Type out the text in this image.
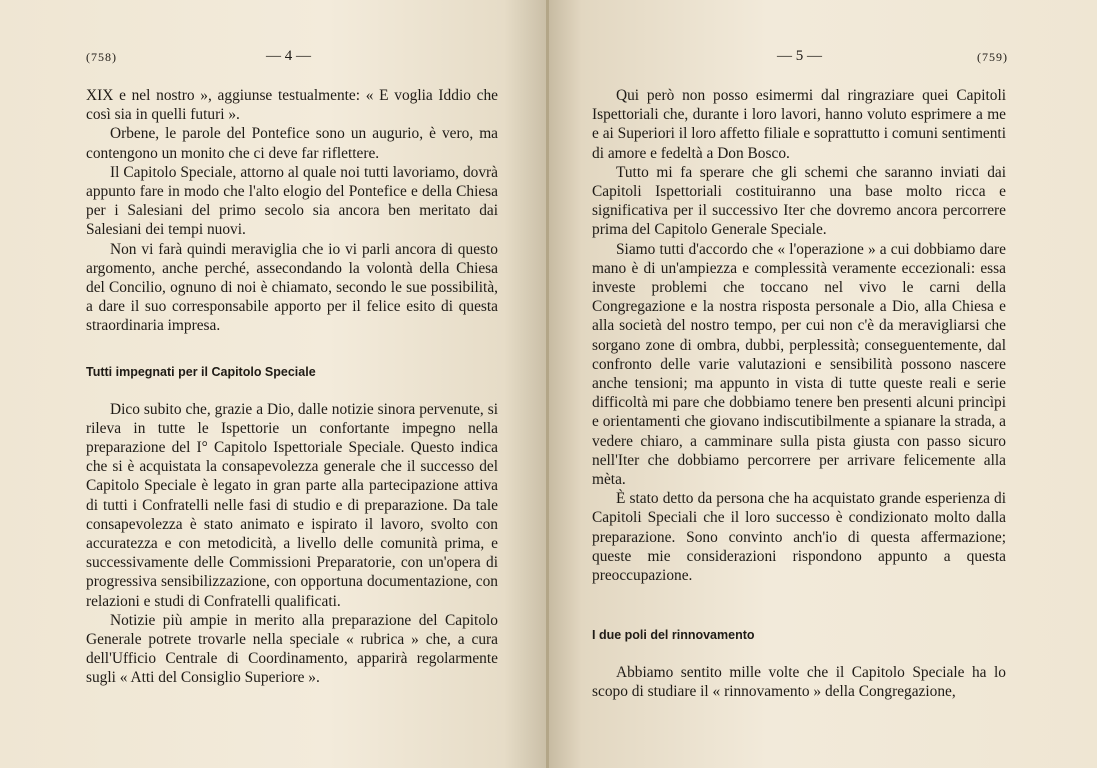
(758)	— 4 —

XIX e nel nostro », aggiunse testualmente: « E voglia Iddio che così sia in quelli futuri ».

Orbene, le parole del Pontefice sono un augurio, è vero, ma contengono un monito che ci deve far riflettere.

Il Capitolo Speciale, attorno al quale noi tutti lavoriamo, dovrà appunto fare in modo che l'alto elogio del Pontefice e della Chiesa per i Salesiani del primo secolo sia ancora ben meritato dai Salesiani dei tempi nuovi.

Non vi farà quindi meraviglia che io vi parli ancora di questo argomento, anche perché, assecondando la volontà della Chiesa del Concilio, ognuno di noi è chiamato, secondo le sue possibilità, a dare il suo corresponsabile apporto per il felice esito di questa straordinaria impresa.

Tutti impegnati per il Capitolo Speciale

Dico subito che, grazie a Dio, dalle notizie sinora pervenute, si rileva in tutte le Ispettorie un confortante impegno nella preparazione del I° Capitolo Ispettoriale Speciale. Questo indica che si è acquistata la consapevolezza generale che il successo del Capitolo Speciale è legato in gran parte alla partecipazione attiva di tutti i Confratelli nelle fasi di studio e di preparazione. Da tale consapevolezza è stato animato e ispirato il lavoro, svolto con accuratezza e con metodicità, a livello delle comunità prima, e successivamente delle Commissioni Preparatorie, con un'opera di progressiva sensibilizzazione, con opportuna documentazione, con relazioni e studi di Confratelli qualificati.

Notizie più ampie in merito alla preparazione del Capitolo Generale potrete trovarle nella speciale « rubrica » che, a cura dell'Ufficio Centrale di Coordinamento, apparirà regolarmente sugli « Atti del Consiglio Superiore ».

— 5 —	(759)

Qui però non posso esimermi dal ringraziare quei Capitoli Ispettoriali che, durante i loro lavori, hanno voluto esprimere a me e ai Superiori il loro affetto filiale e soprattutto i comuni sentimenti di amore e fedeltà a Don Bosco.

Tutto mi fa sperare che gli schemi che saranno inviati dai Capitoli Ispettoriali costituiranno una base molto ricca e significativa per il successivo Iter che dovremo ancora percorrere prima del Capitolo Generale Speciale.

Siamo tutti d'accordo che « l'operazione » a cui dobbiamo dare mano è di un'ampiezza e complessità veramente eccezionali: essa investe problemi che toccano nel vivo le carni della Congregazione e la nostra risposta personale a Dio, alla Chiesa e alla società del nostro tempo, per cui non c'è da meravigliarsi che sorgano zone di ombra, dubbi, perplessità; conseguentemente, dal confronto delle varie valutazioni e sensibilità possono nascere anche tensioni; ma appunto in vista di tutte queste reali e serie difficoltà mi pare che dobbiamo tenere ben presenti alcuni princìpi e orientamenti che giovano indiscutibilmente a spianare la strada, a vedere chiaro, a camminare sulla pista giusta con passo sicuro nell'Iter che dobbiamo percorrere per arrivare felicemente alla mèta.

È stato detto da persona che ha acquistato grande esperienza di Capitoli Speciali che il loro successo è condizionato molto dalla preparazione. Sono convinto anch'io di questa affermazione; queste mie considerazioni rispondono appunto a questa preoccupazione.

I due poli del rinnovamento

Abbiamo sentito mille volte che il Capitolo Speciale ha lo scopo di studiare il « rinnovamento » della Congregazione,
